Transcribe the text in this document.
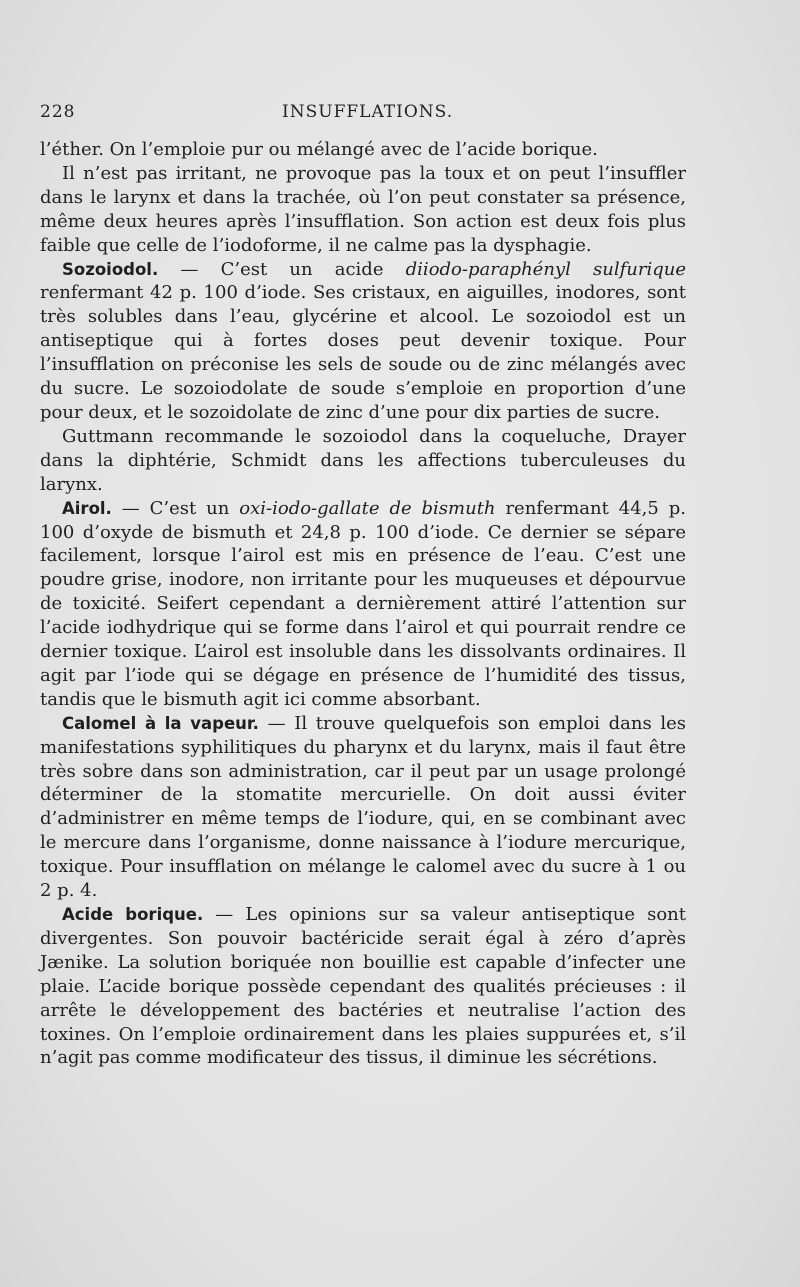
228	INSUFFLATIONS.

l’éther. On l’emploie pur ou mélangé avec de l’acide borique.

Il n’est pas irritant, ne provoque pas la toux et on peut l’insuffler dans le larynx et dans la trachée, où l’on peut constater sa présence, même deux heures après l’insufflation. Son action est deux fois plus faible que celle de l’iodoforme, il ne calme pas la dysphagie.

Sozoiodol. — C’est un acide diiodo-paraphényl sulfurique renfermant 42 p. 100 d’iode. Ses cristaux, en aiguilles, inodores, sont très solubles dans l’eau, glycérine et alcool. Le sozoiodol est un antiseptique qui à fortes doses peut devenir toxique. Pour l’insufflation on préconise les sels de soude ou de zinc mélangés avec du sucre. Le sozoiodolate de soude s’emploie en proportion d’une pour deux, et le sozoidolate de zinc d’une pour dix parties de sucre.

Guttmann recommande le sozoiodol dans la coqueluche, Drayer dans la diphtérie, Schmidt dans les affections tuberculeuses du larynx.

Airol. — C’est un oxi-iodo-gallate de bismuth renfermant 44,5 p. 100 d’oxyde de bismuth et 24,8 p. 100 d’iode. Ce dernier se sépare facilement, lorsque l’airol est mis en présence de l’eau. C’est une poudre grise, inodore, non irritante pour les muqueuses et dépourvue de toxicité. Seifert cependant a dernièrement attiré l’attention sur l’acide iodhydrique qui se forme dans l’airol et qui pourrait rendre ce dernier toxique. L’airol est insoluble dans les dissolvants ordinaires. Il agit par l’iode qui se dégage en présence de l’humidité des tissus, tandis que le bismuth agit ici comme absorbant.

Calomel à la vapeur. — Il trouve quelquefois son emploi dans les manifestations syphilitiques du pharynx et du larynx, mais il faut être très sobre dans son administration, car il peut par un usage prolongé déterminer de la stomatite mercurielle. On doit aussi éviter d’administrer en même temps de l’iodure, qui, en se combinant avec le mercure dans l’organisme, donne naissance à l’iodure mercurique, toxique. Pour insufflation on mélange le calomel avec du sucre à 1 ou 2 p. 4.

Acide borique. — Les opinions sur sa valeur antiseptique sont divergentes. Son pouvoir bactéricide serait égal à zéro d’après Jænike. La solution boriquée non bouillie est capable d’infecter une plaie. L’acide borique possède cependant des qualités précieuses : il arrête le développement des bactéries et neutralise l’action des toxines. On l’emploie ordinairement dans les plaies suppurées et, s’il n’agit pas comme modificateur des tissus, il diminue les sécrétions.
